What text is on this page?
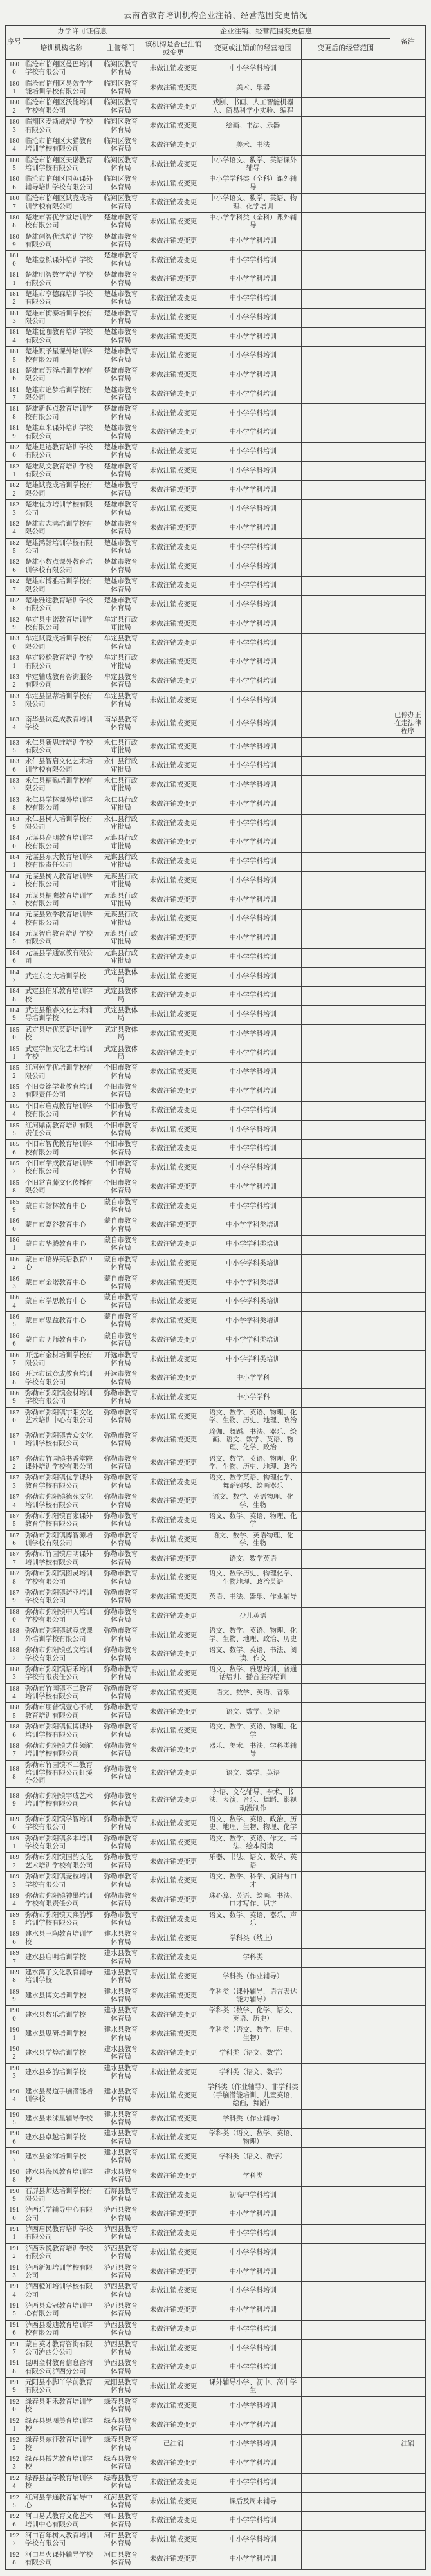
云南省教育培训机构企业注销、经营范围变更情况
序号	办学许可证信息		企业注销、经营范围变更信息			备注
	培训机构名称	主管部门	该机构是否已注销 或变更	变更或注销前的经营范围	变更后的经营范围	
1800	临沧市临翔区曼巴培训学校有限公司	临翔区教育体育局	未做注销或变更	中小学学科培训		
1801	临沧市临翔区易效学学能培训学校有限公司	临翔区教育体育局	未做注销或变更	美术、乐器		
1802	临沧市临翔区沃能培训学校有限公司	临翔区教育体育局	未做注销或变更	戏剧、书画、人工智能机器人、简易科学小实验、编程		
1803	临翔区麦斯威培训学校有限公司	临翔区教育体育局	未做注销或变更	绘画、书法、乐器		
1804	临沧市临翔区大猫教育培训学校有限公司	临翔区教育体育局	未做注销或变更	美术、书法		
1805	临沧市临翔区天诺教育培训学校有限公司	临翔区教育体育局	未做注销或变更	中小学语文、数学、英语课外辅导		
1806	临沧市临翔区国英课外辅导培训学校有限公司	临翔区教育体育局	未做注销或变更	中小学学科类（全科）课外辅导		
1807	临沧市临翔区试竞成培训学校有限公司	临翔区教育体育局	未做注销或变更	中小学语文、数学、英语、物理、化学培训		
1808	楚雄市菁优学堂培训学校有限公司	楚雄市教育体育局	未做注销或变更	中小学学科类（全科）课外辅导		
1809	楚雄创智优选培训学校有限公司	楚雄市教育体育局	未做注销或变更	中小学学科培训		
1810	楚雄壹栎课外培训学校	楚雄市教育体育局	未做注销或变更	中小学学科培训		
1811	楚雄明智数学培训学校有限公司	楚雄市教育体育局	未做注销或变更	中小学学科培训		
1812	楚雄市亨德森培训学校有限公司	楚雄市教育体育局	未做注销或变更	中小学学科培训		
1813	楚雄市衡泰培训学校有限公司	楚雄市教育体育局	未做注销或变更	中小学学科培训		
1814	楚雄优咖教育培训学校有限公司	楚雄市教育体育局	未做注销或变更	中小学学科培训		
1815	楚雄识予星课外培训学校有限公司	楚雄市教育体育局	未做注销或变更	中小学学科培训		
1816	楚雄市芳泽培训学校有限公司	楚雄市教育体育局	未做注销或变更	中小学学科培训		
1817	楚雄市追梦培训学校有限公司	楚雄市教育体育局	未做注销或变更	中小学学科培训		
1818	楚雄新起点教育培训学校有限公司	楚雄市教育体育局	未做注销或变更	中小学学科培训		
1819	楚雄卓米课外培训学校有限公司	楚雄市教育体育局	未做注销或变更	中小学学科培训		
1820	楚雄足迹教育培训学校有限公司	楚雄市教育体育局	未做注销或变更	中小学学科培训		
1821	楚雄凤文教育培训学校有限公司	楚雄市教育体育局	未做注销或变更	中小学学科培训		
1822	楚雄试竞成培训学校有限公司	楚雄市教育体育局	未做注销或变更	中小学学科培训		
1823	楚雄优方培训学校有限公司	楚雄市教育体育局	未做注销或变更	中小学学科培训		
1824	楚雄市志鸿培训学校有限公司	楚雄市教育体育局	未做注销或变更	中小学学科培训		
1825	楚雄鸿翰培训学校有限公司	楚雄市教育体育局	未做注销或变更	中小学学科培训		
1826	楚雄小数点课外教育培训学校有限公司	楚雄市教育体育局	未做注销或变更	中小学学科培训		
1827	楚雄市博雅培训学校有限公司	楚雄市教育体育局	未做注销或变更	中小学学科培训		
1828	楚雄雅途教育培训学校有限公司	楚雄市教育体育局	未做注销或变更	中小学学科培训		
1829	牟定县中诺教育培训学校有限公司	牟定县行政审批局	未做注销或变更	中小学学科培训		
1830	牟定试竞成培训学校有限公司	牟定县教育体育局	未做注销或变更	中小学学科培训		
1831	牟定轻松教育培训学校有限公司	牟定县行政审批局	未做注销或变更	中小学学科培训		
1832	牟定辅成教育咨询服务有限公司	牟定县教育体育局	未做注销或变更	中小学学科培训		
1833	牟定县温蒂培训学校有限公司	牟定县教育体育局	未做注销或变更	中小学学科培训		
1834	南华县试竞成教育培训学校	南华县教育体育局	未做注销或变更	中小学学科培训		已停办正在走法律程序
1835	永仁县新思维培训学校有限公司	永仁县行政审批局	未做注销或变更	中小学学科培训		
1836	永仁县智启文化艺术培训学校有限公司	永仁县行政审批局	未做注销或变更	中小学学科培训		
1837	永仁县精勤培训学校有限公司	永仁县行政审批局	未做注销或变更	中小学学科培训		
1838	永仁县学林课外培训学校有限公司	永仁县行政审批局	未做注销或变更	中小学学科培训		
1839	永仁县树人培训学校有限公司	永仁县行政审批局	未做注销或变更	中小学学科培训		
1840	元谋县高朋教育培训学校有限公司	元谋县行政审批局	未做注销或变更	中小学学科培训		
1841	元谋县东大教育培训学校有限责任公司	元谋县行政审批局	未做注销或变更	中小学学科培训		
1842	元谋县树人教育培训学校有限公司	元谋县行政审批局	未做注销或变更	中小学学科培训		
1843	元谋县精鹰教育培训学校有限公司	元谋县行政审批局	未做注销或变更	中小学学科培训		
1844	元谋县致学教育培训学校有限公司	元谋县行政审批局	未做注销或变更	中小学学科培训		
1845	元谋智启教育培训学校有限公司	元谋县行政审批局	未做注销或变更	中小学学科培训		
1846	元谋县学通家教有限公司	元谋县行政审批局	未做注销或变更	中小学学科培训		
1847	武定东之大培训学校	武定县教体局	未做注销或变更	中小学学科培训		
1848	武定县伯乐教育培训学校	武定县教体局	未做注销或变更	中小学学科培训		
1849	武定县稚睿文化艺术辅导培训学校	武定县教体局	未做注销或变更	中小学学科培训		
1850	武定县培优英语培训学校	武定县教体局	未做注销或变更	中小学学科培训		
1851	武定学恒文化艺术培训学校	武定县教体局	未做注销或变更	中小学学科培训		
1852	红河州学优培训学校有限公司	个旧市教育体育局	未做注销或变更	中小学学科培训		
1853	个旧壹铭学业教育培训有限责任公司	个旧市教育体育局	未做注销或变更	中小学学科培训		
1854	个旧市启点教育培训学校有限公司	个旧市教育体育局	未做注销或变更	中小学学科培训		
1855	红河鼎南教育培训有限责任公司	个旧市教育体育局	未做注销或变更	中小学学科培训		
1856	个旧市智优教育培训学校有限公司	个旧市教育体育局	未做注销或变更	中小学学科培训		
1857	个旧市学成教育培训学校有限公司	个旧市教育体育局	未做注销或变更	中小学学科培训		
1858	个旧常青藤文化传播有限公司	个旧市教育体育局	未做注销或变更	中小学学科培训		
1859	蒙自市翰林教育中心	蒙自市教育体育局	未做注销或变更	中小学学科培训		
1860	蒙自市嘉谷教育中心	蒙自市教育体育局	未做注销或变更	中小学学科类培训		
1861	蒙自市华腾教育中心	蒙自市教育体育局	未做注销或变更	中小学学科类培训		
1862	蒙自市语界英语教育中心	蒙自市教育体育局	未做注销或变更	中小学学科类培训		
1863	蒙自市金诺教育中心	蒙自市教育体育局	未做注销或变更	中小学学科类培训		
1864	蒙自市学思教育中心	蒙自市教育体育局	未做注销或变更	中小学学科类培训		
1865	蒙自市思益教育中心	蒙自市教育体育局	未做注销或变更	中小学学科类培训		
1866	蒙自市明师教育中心	蒙自市教育体育局	未做注销或变更	中小学学科类培训		
1867	开远市金材培训学校有限公司	开远市教育体育局	未做注销或变更	中小学学科类培训		
1868	开远市试竞成教育培训学校有限公司	开远市教育体育局	未做注销或变更	中小学学科		
1869	弥勒市弥阳镇金材培训学校有限公司	弥勒市教育体育局	未做注销或变更	中小学学科		
1870	弥勒市弥阳镇宇阳文化艺术培训中心有限公司	弥勒市教育体育局	未做注销或变更	语文、数学、英语、物理、化学、生物、历史、地理、政治		
1871	弥勒市弥阳镇普众文化培训学校有限公司	弥勒市教育体育局	未做注销或变更	瑜伽、舞蹈、书法、器乐、绘画、语文、数学、英语、物理、化学、政治		
1872	弥勒市竹园镇书香堂院课外培训学校有限公司	弥勒市教育体育局	未做注销或变更	语文、数学、英语、物理、化学、生物、历史、地理、政治		
1873	弥勒市弥阳镇优学课外教育学校有限公司	弥勒市教育体育局	未做注销或变更	语文、数学英语、物理化学、舞蹈钢琴、绘画器乐		
1874	弥勒市弥阳镇德苑文化培训学校有限公司	弥勒市教育体育局	未做注销或变更	语文、数学、英语物理、化学、生物		
1875	弥勒市弥阳镇百家课外教育学校有限公司	弥勒市教育体育局	未做注销或变更	语文、数学、英语、物理、化学		
1876	弥勒市弥阳镇博智源培训学校有限公司	弥勒市教育体育局	未做注销或变更	语文、数学、英语物理、化学、生物		
1877	弥勒市竹园镇启明课外培训学校有限公司	弥勒市教育体育局	未做注销或变更	语文、数学英语		
1878	弥勒市弥阳镇图灵培训学校有限公司	弥勒市教育体育局	未做注销或变更	语文、数学历史、物理化学、生物地理、政治英语		
1879	弥勒市弥阳镇诺亚培训学校有限公司	弥勒市教育体育局	未做注销或变更	英语、书法、器乐、作业辅导		
1880	弥勒市弥阳镇中天培训学校有限公司	弥勒市教育体育局	未做注销或变更	少儿英语		
1881	弥勒市弥阳镇试竞成课外培训学校有限公司	弥勒市教育体育局	未做注销或变更	语文、数学、英语、物理、化学、生物、地理、政治、历史		
1882	弥勒市弥阳镇弘文培训学校有限公司	弥勒市教育体育局	未做注销或变更	语文、数学、英语、书法、阅读、作文		
1883	弥勒市弥阳镇语禾培训学校有限责任公司	弥勒市教育体育局	未做注销或变更	语文、数学、雅思培训、普通话培训、播音主持培训		
1884	弥勒市竹园镇不二教育培训学校有限公司	弥勒市教育体育局	未做注销或变更	语文、数学、英语、音乐		
1885	弥勒市朋普镇壹心不贰教育培训有限公司	弥勒市教育体育局	未做注销或变更	语文、数学、英语		
1886	弥勒市弥阳镇恒博课外培训学校有限公司	弥勒市教育体育局	未做注销或变更	语文、数学、英语、物理、化学		
1887	弥勒市弥阳镇艺佳领航培训学校有限公司	弥勒市教育体育局	未做注销或变更	器乐、美术、书法、学科类辅导		
1888	弥勒市竹园镇不二教育培训学校有限公司虹溪分公司	弥勒市教育体育局	未做注销或变更	语文、数学、英语		
1889	弥勒市弥阳镇宇成艺术培训学校有限公司	弥勒市教育体育局	未做注销或变更	外语、文化辅导、拳术、书法、表演、音乐、舞蹈、影视动漫制作		
1890	弥勒市弥阳镇学智培训学校有限公司	弥勒市教育体育局	未做注销或变更	语文、数学、英语、政治、历史、地理、生物、物理、化学		
1891	弥勒市弥阳镇多本培训学校有限公司	弥勒市教育体育局	未做注销或变更	语文、数学、英语、作文、书法、绘本阅读		
1892	弥勒市弥阳镇国韵文化艺术培训学校有限公司	弥勒市教育体育局	未做注销或变更	乐器、书法、语文、数学、英语		
1893	弥勒市弥阳镇麦粒培训学校有限公司	弥勒市教育体育局	未做注销或变更	语文、数学、科学、演讲与口才		
1894	弥勒市弥阳镇神墨培训学校有限责任公司	弥勒市教育体育局	未做注销或变更	珠心算、英语、绘画、书法、口才写作、识字		
1895	弥勒市弥阳镇天熙韵都培训学校有限公司	弥勒市教育体育局	未做注销或变更	语文、数学、英语、器乐、声乐		
1896	建水县三陶教育培训学校	建水县教育体育局	未做注销或变更	学科类（线上）		
1897	建水县启明培训学校	建水县教育体育局	未做注销或变更	学科类		
1898	建水鸿子文化教育辅导培训学校	建水县教育体育局	未做注销或变更	学科类（作业辅导）		
1899	建水县博文培训学校	建水县教育体育局	未做注销或变更	学科类（课外辅导，语言表达能力辅导）		
1900	建水县数乐培训学校	建水县教育体育局	未做注销或变更	学科类（数学、化学、语文、英语、历史）		
1901	建水县思研培训学校	建水县教育体育局	未做注销或变更	学科类（语文、数学、历史、生物）		
1902	建水县学煌培训学校	建水县教育体育局	未做注销或变更	学科类（语文、数学）		
1903	建水县乡韵培训学校	建水县教育体育局	未做注销或变更	学科类（语文、数学）		
1904	建水县易道手脑潜能培训学校	建水县教育体育局	未做注销或变更	学科类（作业辅导）、非学科类（手脑潜能培训、儿童英语，绘画，舞蹈）		
1905	建水县未涞星辅导学校	建水县教育体育局	未做注销或变更	学科类（作业辅导）		
1906	建水县卓越培训学校	建水县教育体育局	未做注销或变更	学科类（语文、数学、英语、物理）		
1907	建水县金海培训学校	建水县教育体育局	未做注销或变更	学科类（语文、数学）		
1908	建水县海风教育培训学校	建水县教育体育局	未做注销或变更	学科类		
1909	石屏县师达培训学校有限公司	石屏县教育体育局	未做注销或变更	初高中学科培训		
1910	泸西乐学辅导中心有限公司	泸西县教育体育局	未做注销或变更	中小学学科培训		
1911	泸西启民教育培训学校有限公司	泸西县教育体育局	未做注销或变更	中小学学科培训		
1912	泸西禾悦教育培训学校有限公司	泸西县教育体育局	未做注销或变更	中小学学科培训		
1913	泸西新知培训学校有限公司	泸西县教育体育局	未做注销或变更	中小学学科培训		
1914	泸西橙知培训学校有限公司	泸西县教育体育局	未做注销或变更	中小学学科培训		
1915	泸西县众冠教育培训中心有限公司	泸西县教育体育局	未做注销或变更	中小学学科培训		
1916	泸西县爱迪教育培训学校有限公司	泸西县教育体育局	未做注销或变更	中小学学科培训		
1917	蒙自英才教育咨询有限公司泸西分公司	泸西县教育体育局	未做注销或变更	中小学学科培训		
1918	昆明金材教育信息咨询有限公司泸西分公司	泸西县教育体育局	未做注销或变更	中小学学科培训		
1919	元阳县小脚丫学前教育有限公司	元阳县教育体育局	未做注销或变更	课外辅导小学、初中、高中学生		
1920	绿春县阳禾教育培训学校	绿春县教育体育局	未做注销或变更	中小学学科培训		
1921	绿春县思图美育培训学校	绿春县教育体育局	未做注销或变更	中小学学科培训		
1922	绿春县东征教育培训学校	绿春县教育体育局	已注销	中小学学科培训		注销
1923	绿春县搏艺教育培训学校	绿春县教育体育局	未做注销或变更	中小学学科培训		
1924	绿春县益学教育培训学校	绿春县教育体育局	未做注销或变更	中小学学科培训		
1925	红河县学通教育辅导中心	红河县教育体育局	未做注销或变更	课后及周末辅导		
1926	河口易式教育文化艺术培训中心有限公司	河口县教育体育局	未做注销或变更	中小学学科培训		
1927	河口百年树人教育培训学校有限公司	河口县教育体育局	未做注销或变更	中小学学科培训		
1928	河口星火课外辅导学校有限公司	河口县教育体育局	未做注销或变更	中小学学科培训		
